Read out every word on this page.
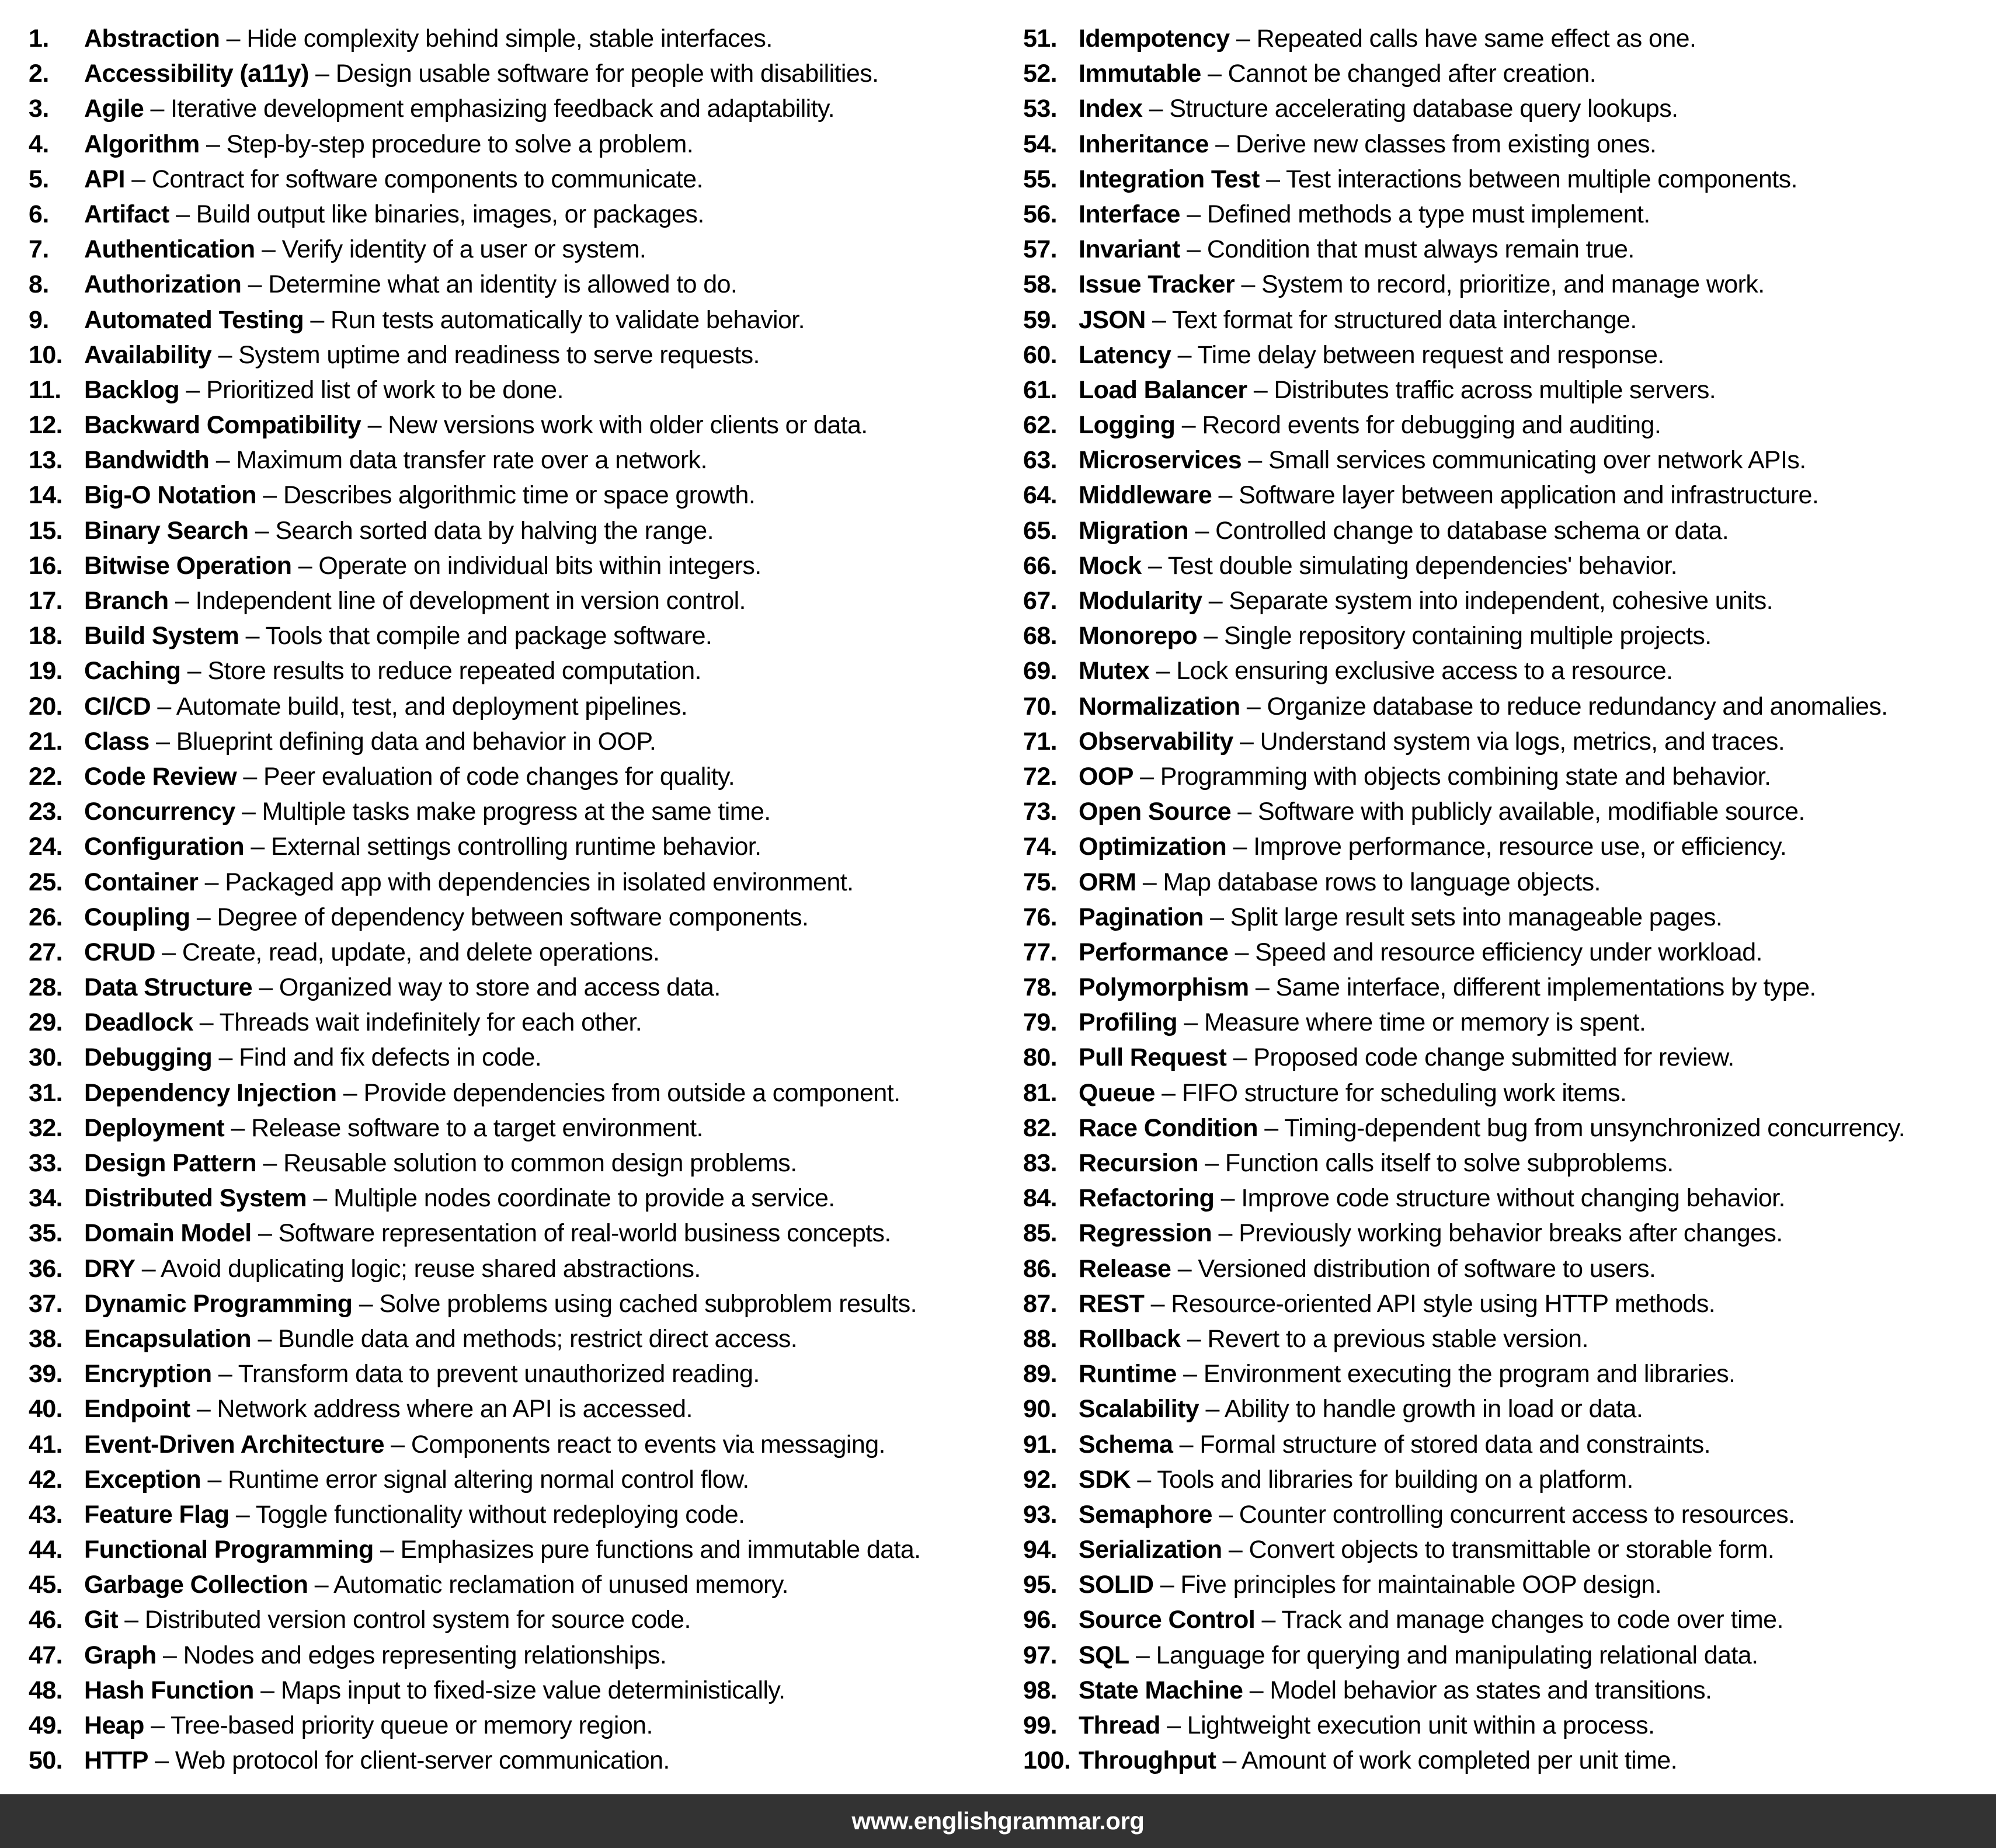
1. Abstraction – Hide complexity behind simple, stable interfaces.
2. Accessibility (a11y) – Design usable software for people with disabilities.
3. Agile – Iterative development emphasizing feedback and adaptability.
4. Algorithm – Step-by-step procedure to solve a problem.
5. API – Contract for software components to communicate.
6. Artifact – Build output like binaries, images, or packages.
7. Authentication – Verify identity of a user or system.
8. Authorization – Determine what an identity is allowed to do.
9. Automated Testing – Run tests automatically to validate behavior.
10. Availability – System uptime and readiness to serve requests.
11. Backlog – Prioritized list of work to be done.
12. Backward Compatibility – New versions work with older clients or data.
13. Bandwidth – Maximum data transfer rate over a network.
14. Big-O Notation – Describes algorithmic time or space growth.
15. Binary Search – Search sorted data by halving the range.
16. Bitwise Operation – Operate on individual bits within integers.
17. Branch – Independent line of development in version control.
18. Build System – Tools that compile and package software.
19. Caching – Store results to reduce repeated computation.
20. CI/CD – Automate build, test, and deployment pipelines.
21. Class – Blueprint defining data and behavior in OOP.
22. Code Review – Peer evaluation of code changes for quality.
23. Concurrency – Multiple tasks make progress at the same time.
24. Configuration – External settings controlling runtime behavior.
25. Container – Packaged app with dependencies in isolated environment.
26. Coupling – Degree of dependency between software components.
27. CRUD – Create, read, update, and delete operations.
28. Data Structure – Organized way to store and access data.
29. Deadlock – Threads wait indefinitely for each other.
30. Debugging – Find and fix defects in code.
31. Dependency Injection – Provide dependencies from outside a component.
32. Deployment – Release software to a target environment.
33. Design Pattern – Reusable solution to common design problems.
34. Distributed System – Multiple nodes coordinate to provide a service.
35. Domain Model – Software representation of real-world business concepts.
36. DRY – Avoid duplicating logic; reuse shared abstractions.
37. Dynamic Programming – Solve problems using cached subproblem results.
38. Encapsulation – Bundle data and methods; restrict direct access.
39. Encryption – Transform data to prevent unauthorized reading.
40. Endpoint – Network address where an API is accessed.
41. Event-Driven Architecture – Components react to events via messaging.
42. Exception – Runtime error signal altering normal control flow.
43. Feature Flag – Toggle functionality without redeploying code.
44. Functional Programming – Emphasizes pure functions and immutable data.
45. Garbage Collection – Automatic reclamation of unused memory.
46. Git – Distributed version control system for source code.
47. Graph – Nodes and edges representing relationships.
48. Hash Function – Maps input to fixed-size value deterministically.
49. Heap – Tree-based priority queue or memory region.
50. HTTP – Web protocol for client-server communication.
51. Idempotency – Repeated calls have same effect as one.
52. Immutable – Cannot be changed after creation.
53. Index – Structure accelerating database query lookups.
54. Inheritance – Derive new classes from existing ones.
55. Integration Test – Test interactions between multiple components.
56. Interface – Defined methods a type must implement.
57. Invariant – Condition that must always remain true.
58. Issue Tracker – System to record, prioritize, and manage work.
59. JSON – Text format for structured data interchange.
60. Latency – Time delay between request and response.
61. Load Balancer – Distributes traffic across multiple servers.
62. Logging – Record events for debugging and auditing.
63. Microservices – Small services communicating over network APIs.
64. Middleware – Software layer between application and infrastructure.
65. Migration – Controlled change to database schema or data.
66. Mock – Test double simulating dependencies' behavior.
67. Modularity – Separate system into independent, cohesive units.
68. Monorepo – Single repository containing multiple projects.
69. Mutex – Lock ensuring exclusive access to a resource.
70. Normalization – Organize database to reduce redundancy and anomalies.
71. Observability – Understand system via logs, metrics, and traces.
72. OOP – Programming with objects combining state and behavior.
73. Open Source – Software with publicly available, modifiable source.
74. Optimization – Improve performance, resource use, or efficiency.
75. ORM – Map database rows to language objects.
76. Pagination – Split large result sets into manageable pages.
77. Performance – Speed and resource efficiency under workload.
78. Polymorphism – Same interface, different implementations by type.
79. Profiling – Measure where time or memory is spent.
80. Pull Request – Proposed code change submitted for review.
81. Queue – FIFO structure for scheduling work items.
82. Race Condition – Timing-dependent bug from unsynchronized concurrency.
83. Recursion – Function calls itself to solve subproblems.
84. Refactoring – Improve code structure without changing behavior.
85. Regression – Previously working behavior breaks after changes.
86. Release – Versioned distribution of software to users.
87. REST – Resource-oriented API style using HTTP methods.
88. Rollback – Revert to a previous stable version.
89. Runtime – Environment executing the program and libraries.
90. Scalability – Ability to handle growth in load or data.
91. Schema – Formal structure of stored data and constraints.
92. SDK – Tools and libraries for building on a platform.
93. Semaphore – Counter controlling concurrent access to resources.
94. Serialization – Convert objects to transmittable or storable form.
95. SOLID – Five principles for maintainable OOP design.
96. Source Control – Track and manage changes to code over time.
97. SQL – Language for querying and manipulating relational data.
98. State Machine – Model behavior as states and transitions.
99. Thread – Lightweight execution unit within a process.
100. Throughput – Amount of work completed per unit time.
www.englishgrammar.org
